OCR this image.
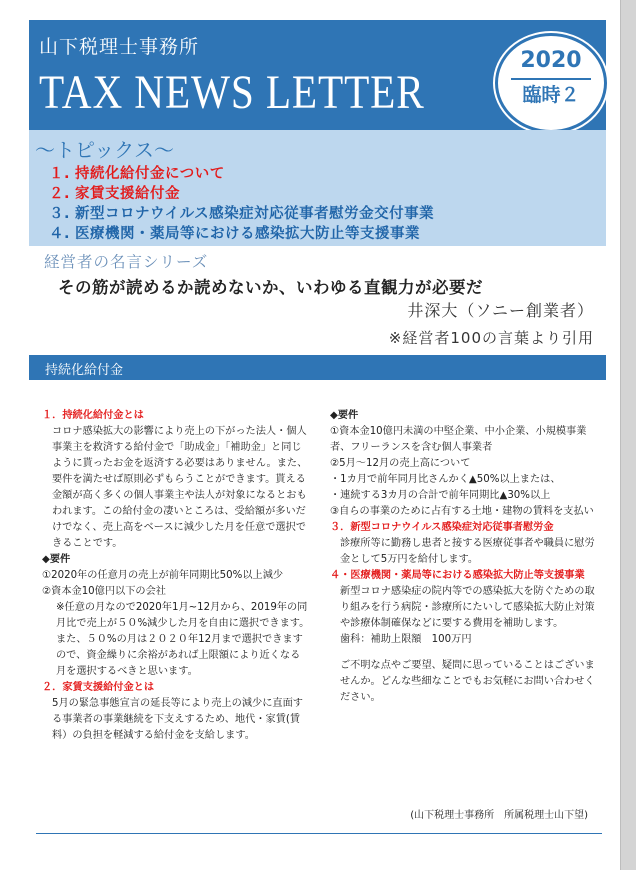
山下税理士事務所
TAX NEWS LETTER
2020
臨時２
～トピックス～
１. 持続化給付金について
２. 家賃支援給付金
３. 新型コロナウイルス感染症対応従事者慰労金交付事業
４. 医療機関・薬局等における感染拡大防止等支援事業
経営者の名言シリーズ
その筋が読めるか読めないか、いわゆる直観力が必要だ
井深大（ソニー創業者）
※経営者100の言葉より引用
持続化給付金

１．持続化給付金とは

コロナ感染拡大の影響により売上の下がった法人・個人事業主を救済する給付金で「助成金」「補助金」と同じように貰ったお金を返済する必要はありません。また、要件を満たせば原則必ずもらうことができます。貰える金額が高く多くの個人事業主や法人が対象になるとおもわれます。この給付金の凄いところは、受給額が多いだけでなく、売上高をベースに減少した月を任意で選択できることです。

◆要件

①2020年の任意月の売上が前年同期比50%以上減少

②資本金10億円以下の会社

※任意の月なので2020年1月~12月から、2019年の同月比で売上が５０%減少した月を自由に選択できます。また、５０%の月は２０２０年12月まで選択できますので、資金繰りに余裕があれば上限額により近くなる月を選択するべきと思います。

２．家賃支援給付金とは

5月の緊急事態宣言の延長等により売上の減少に直面する事業者の事業継続を下支えするため、地代・家賃(賃料）の負担を軽減する給付金を支給します。

◆要件

①資本金10億円未満の中堅企業、中小企業、小規模事業者、フリーランスを含む個人事業者

②5月～12月の売上高について

・1カ月で前年同月比さんかく▲50%以上または、

・連続する3カ月の合計で前年同期比▲30%以上

③自らの事業のために占有する土地・建物の賃料を支払い

３．新型コロナウイルス感染症対応従事者慰労金

診療所等に勤務し患者と接する医療従事者や職員に慰労金として5万円を給付します。

４・医療機関・薬局等における感染拡大防止等支援事業

新型コロナ感染症の院内等での感染拡大を防ぐための取り組みを行う病院・診療所にたいして感染拡大防止対策や診療体制確保などに要する費用を補助します。

歯科：補助上限額　100万円

ご不明な点やご要望、疑問に思っていることはございませんか。どんな些細なことでもお気軽にお問い合わせください。

(山下税理士事務所　所属税理士山下望)
